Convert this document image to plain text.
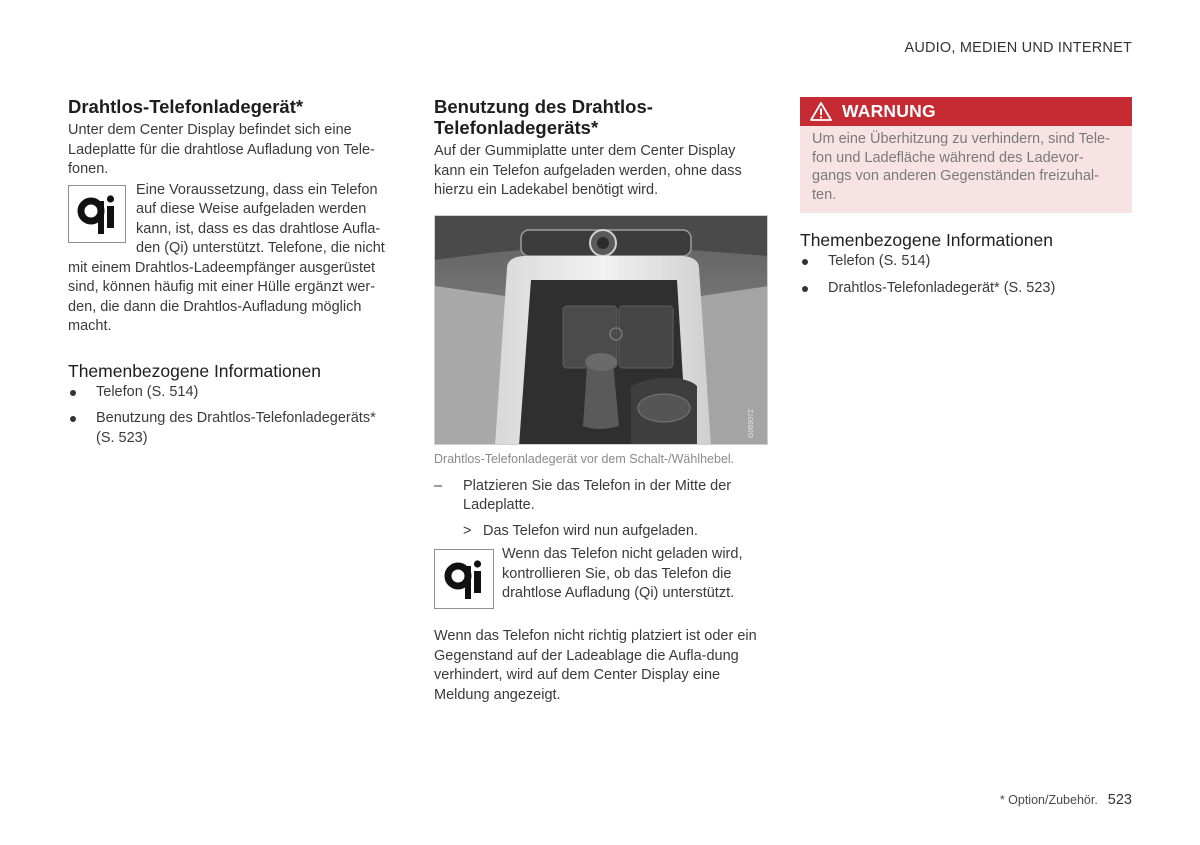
AUDIO, MEDIEN UND INTERNET
Drahtlos-Telefonladegerät*

Unter dem Center Display befindet sich eine Ladeplatte für die drahtlose Aufladung von Tele-fonen.

Eine Voraussetzung, dass ein Telefon auf diese Weise aufgeladen werden kann, ist, dass es das drahtlose Aufla-den (Qi) unterstützt. Telefone, die nicht

mit einem Drahtlos-Ladeempfänger ausgerüstet sind, können häufig mit einer Hülle ergänzt wer-den, die dann die Drahtlos-Aufladung möglich macht.

Themenbezogene Informationen
Telefon (S. 514)
Benutzung des Drahtlos-Telefonladegeräts* (S. 523)
Benutzung des Drahtlos-Telefonladegeräts*

Auf der Gummiplatte unter dem Center Display kann ein Telefon aufgeladen werden, ohne dass hierzu ein Ladekabel benötigt wird.

G069072
Drahtlos-Telefonladegerät vor dem Schalt-/Wählhebel.
–	Platzieren Sie das Telefon in der Mitte der Ladeplatte.
> Das Telefon wird nun aufgeladen.

Wenn das Telefon nicht geladen wird, kontrollieren Sie, ob das Telefon die drahtlose Aufladung (Qi) unterstützt.

Wenn das Telefon nicht richtig platziert ist oder ein Gegenstand auf der Ladeablage die Aufla-dung verhindert, wird auf dem Center Display eine Meldung angezeigt.

WARNUNG
Um eine Überhitzung zu verhindern, sind Tele-fon und Ladefläche während des Ladevor-gangs von anderen Gegenständen freizuhal-ten.
Themenbezogene Informationen
Telefon (S. 514)
Drahtlos-Telefonladegerät* (S. 523)
* Option/Zubehör. 523
